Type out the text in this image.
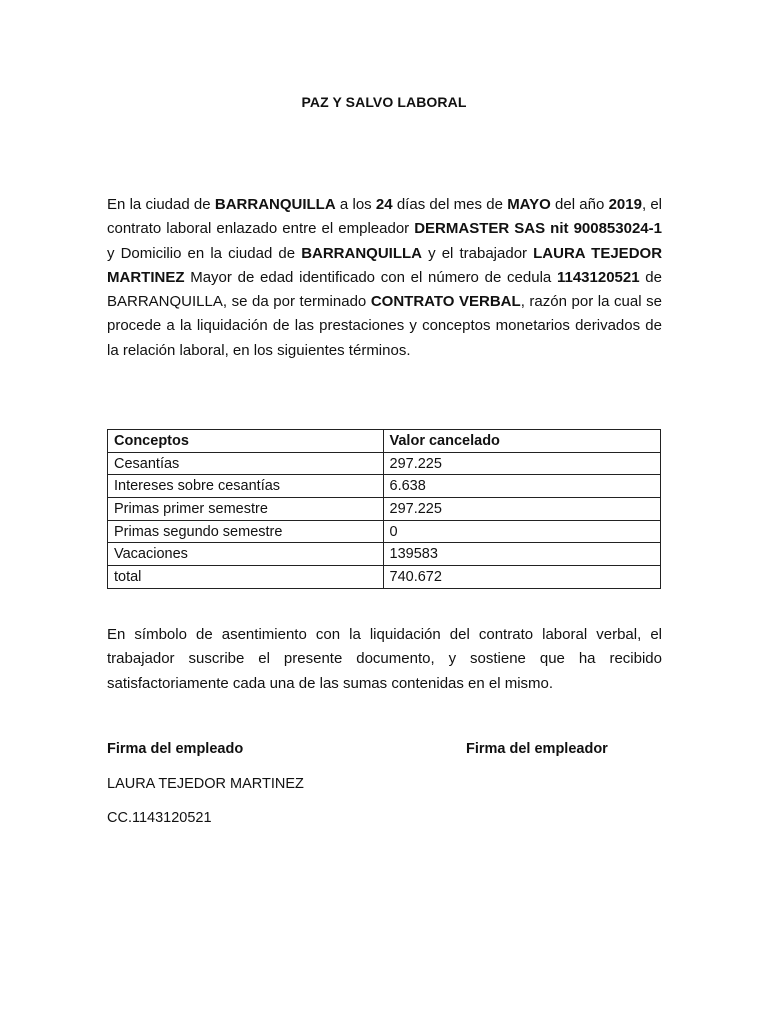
PAZ Y SALVO LABORAL

En la ciudad de BARRANQUILLA a los 24 días del mes de MAYO del año 2019, el contrato laboral enlazado entre el empleador DERMASTER SAS nit 900853024-1 y Domicilio en la ciudad de BARRANQUILLA y el trabajador LAURA TEJEDOR MARTINEZ Mayor de edad identificado con el número de cedula 1143120521 de BARRANQUILLA, se da por terminado CONTRATO VERBAL, razón por la cual se procede a la liquidación de las prestaciones y conceptos monetarios derivados de la relación laboral, en los siguientes términos.

Conceptos	Valor cancelado
Cesantías	297.225
Intereses sobre cesantías	6.638
Primas primer semestre	297.225
Primas segundo semestre	0
Vacaciones	139583
total	740.672

En símbolo de asentimiento con la liquidación del contrato laboral verbal, el trabajador suscribe el presente documento, y sostiene que ha recibido satisfactoriamente cada una de las sumas contenidas en el mismo.

Firma del empleado	Firma del empleador
LAURA TEJEDOR MARTINEZ
CC.1143120521
